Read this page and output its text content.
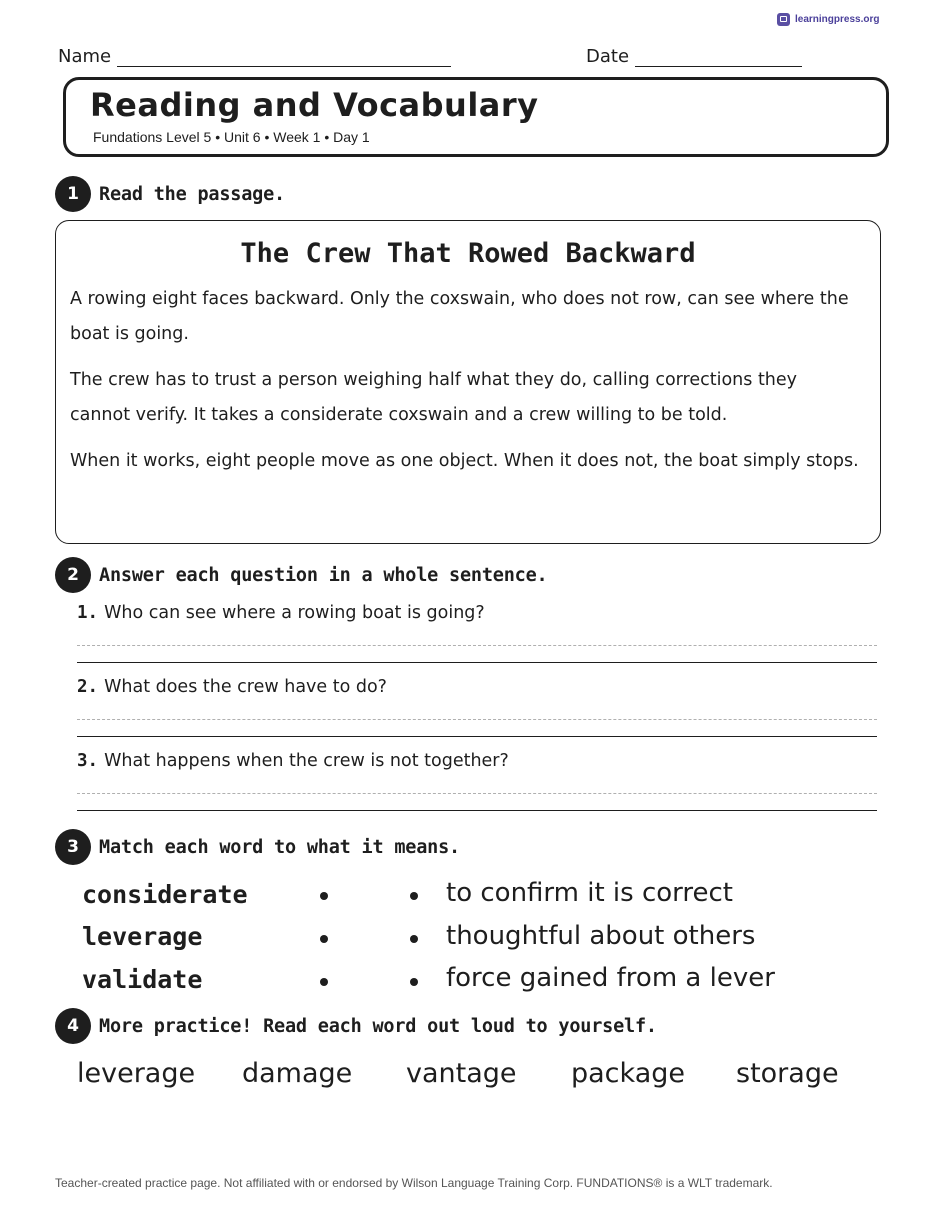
learningpress.org
Name	Date
Reading and Vocabulary
Fundations Level 5 • Unit 6 • Week 1 • Day 1
1	Read the passage.
The Crew That Rowed Backward
A rowing eight faces backward. Only the coxswain, who does not row, can see where the boat is going.
The crew has to trust a person weighing half what they do, calling corrections they cannot verify. It takes a considerate coxswain and a crew willing to be told.
When it works, eight people move as one object. When it does not, the boat simply stops.
2	Answer each question in a whole sentence.
1. Who can see where a rowing boat is going?
2. What does the crew have to do?
3. What happens when the crew is not together?
3	Match each word to what it means.
considerate	to confirm it is correct
leverage	thoughtful about others
validate	force gained from a lever
4	More practice! Read each word out loud to yourself.
leverage damage vantage package storage
Teacher-created practice page. Not affiliated with or endorsed by Wilson Language Training Corp. FUNDATIONS® is a WLT trademark.
